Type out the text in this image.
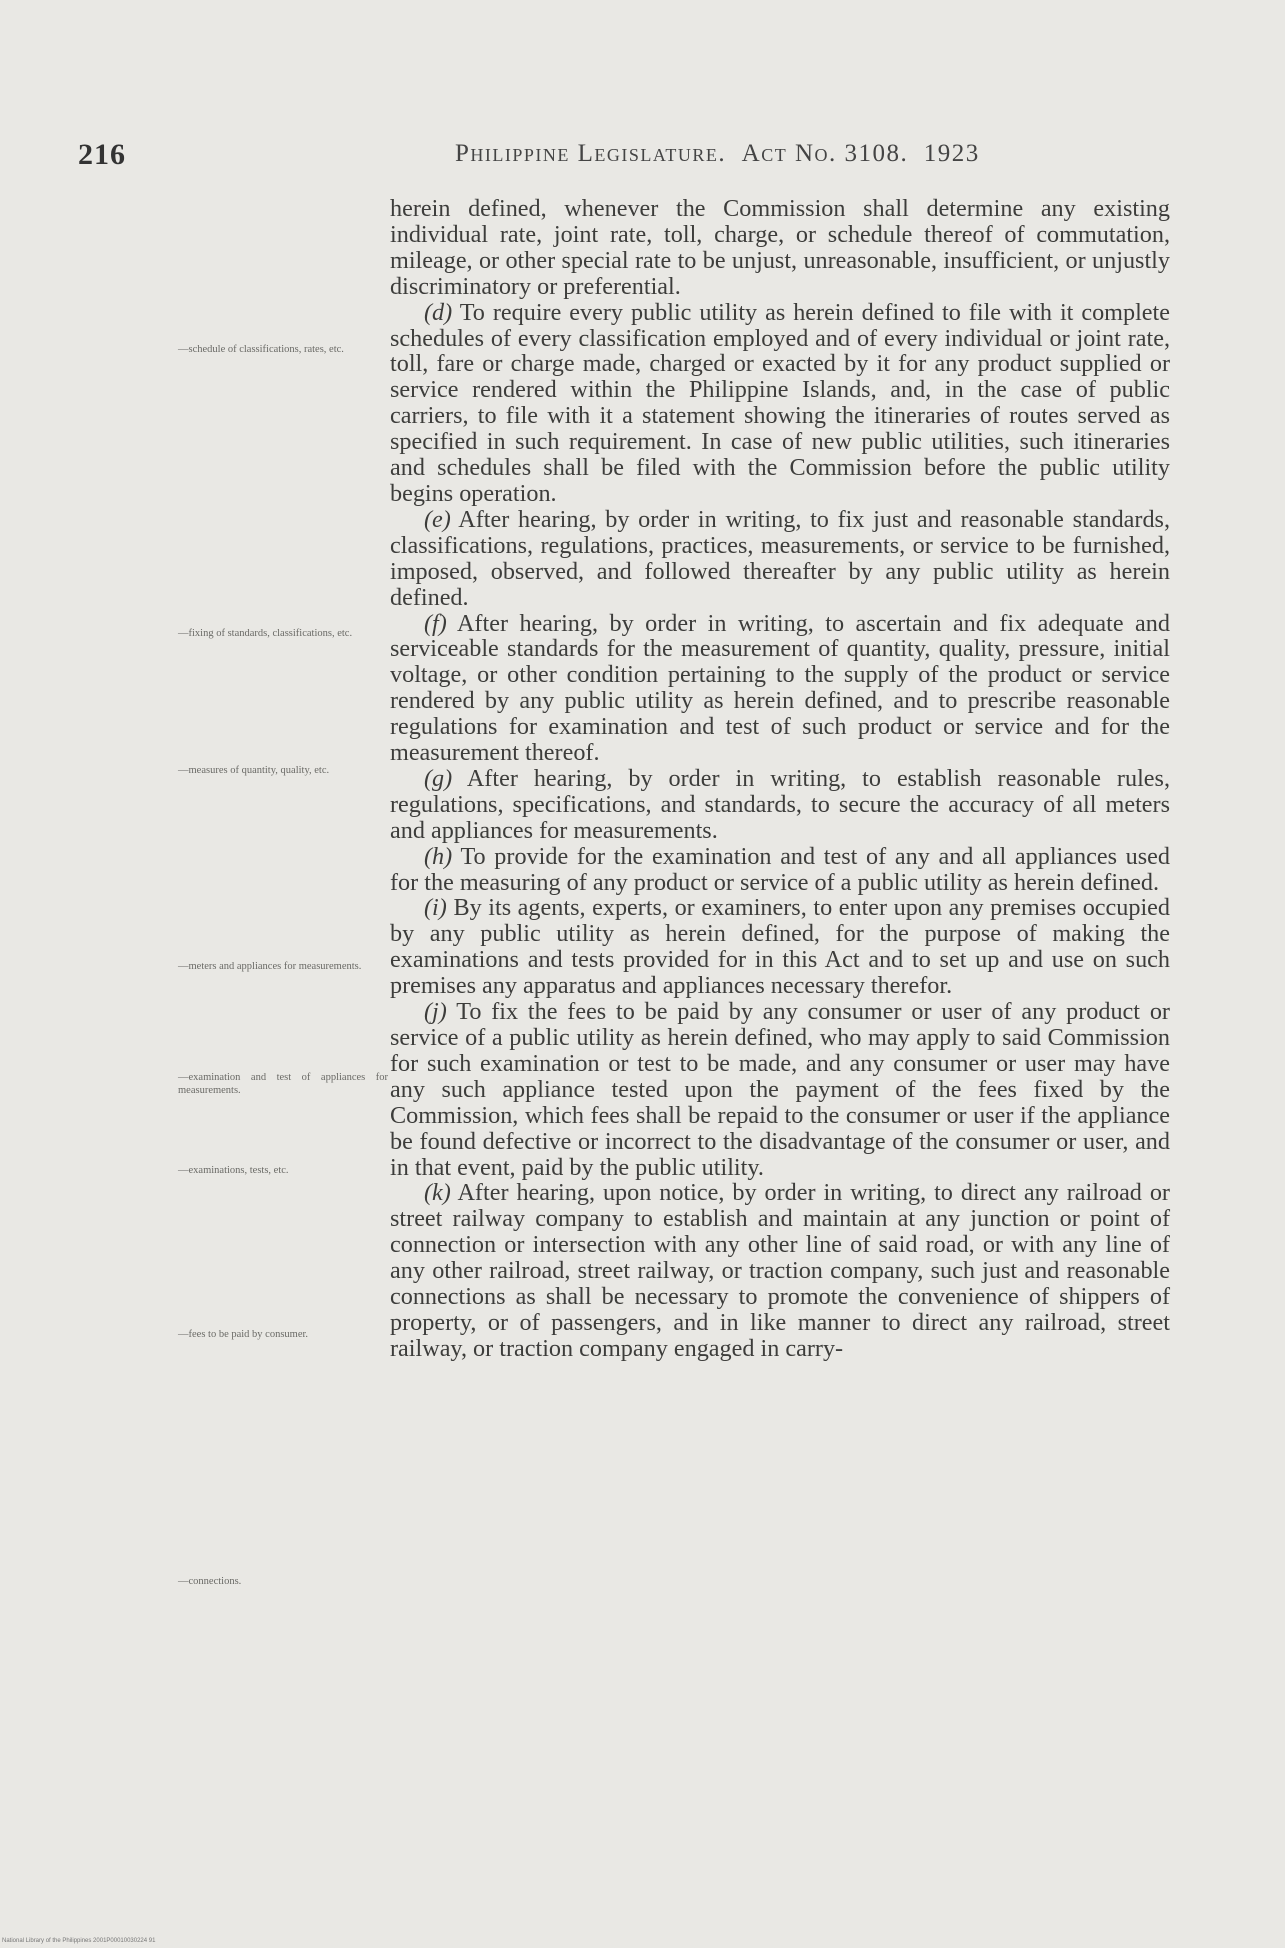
216	Philippine Legislature. Act No. 3108. 1923

herein defined, whenever the Commission shall determine any existing individual rate, joint rate, toll, charge, or schedule thereof of commutation, mileage, or other special rate to be unjust, unreasonable, insufficient, or unjustly discriminatory or preferential.

(d) To require every public utility as herein defined to file with it complete schedules of every classification employed and of every individual or joint rate, toll, fare or charge made, charged or exacted by it for any product supplied or service rendered within the Philippine Islands, and, in the case of public carriers, to file with it a statement showing the itineraries of routes served as specified in such requirement. In case of new public utilities, such itineraries and schedules shall be filed with the Commission before the public utility begins operation.

(e) After hearing, by order in writing, to fix just and reasonable standards, classifications, regulations, practices, measurements, or service to be furnished, imposed, observed, and followed thereafter by any public utility as herein defined.

(f) After hearing, by order in writing, to ascertain and fix adequate and serviceable standards for the measurement of quantity, quality, pressure, initial voltage, or other condition pertaining to the supply of the product or service rendered by any public utility as herein defined, and to prescribe reasonable regulations for examination and test of such product or service and for the measurement thereof.

(g) After hearing, by order in writing, to establish reasonable rules, regulations, specifications, and standards, to secure the accuracy of all meters and appliances for measurements.

(h) To provide for the examination and test of any and all appliances used for the measuring of any product or service of a public utility as herein defined.

(i) By its agents, experts, or examiners, to enter upon any premises occupied by any public utility as herein defined, for the purpose of making the examinations and tests provided for in this Act and to set up and use on such premises any apparatus and appliances necessary therefor.

(j) To fix the fees to be paid by any consumer or user of any product or service of a public utility as herein defined, who may apply to said Commission for such examination or test to be made, and any consumer or user may have any such appliance tested upon the payment of the fees fixed by the Commission, which fees shall be repaid to the consumer or user if the appliance be found defective or incorrect to the disadvantage of the consumer or user, and in that event, paid by the public utility.

(k) After hearing, upon notice, by order in writing, to direct any railroad or street railway company to establish and maintain at any junction or point of connection or intersection with any other line of said road, or with any line of any other railroad, street railway, or traction company, such just and reasonable connections as shall be necessary to promote the convenience of shippers of property, or of passengers, and in like manner to direct any railroad, street railway, or traction company engaged in carry-

—schedule of classifications, rates, etc.
—fixing of standards, classifications, etc.
—measures of quantity, quality, etc.
—meters and appliances for measurements.
—examination and test of appliances for measurements.
—examinations, tests, etc.
—fees to be paid by consumer.
—connections.
National Library of the Philippines 2001P00010030224 91
